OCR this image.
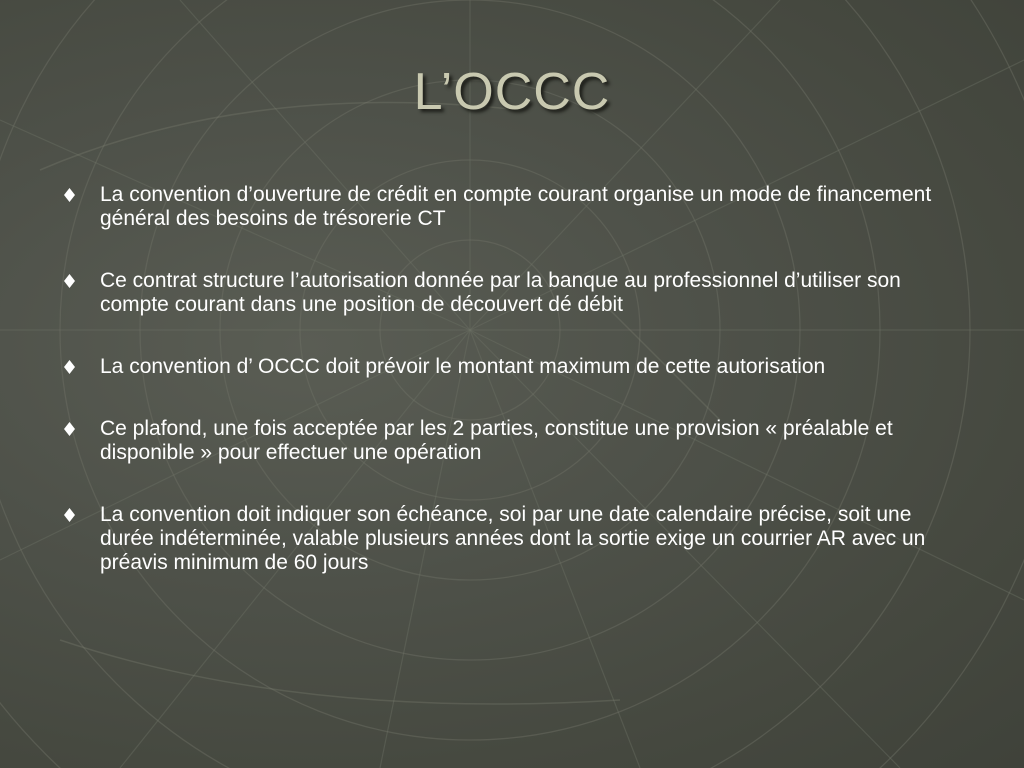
L’OCCC
La convention d’ouverture de crédit en compte courant organise un mode de financement général des besoins de trésorerie CT
Ce contrat structure l’autorisation donnée par la banque au professionnel d’utiliser son compte courant dans une position de découvert dé débit
La convention d’ OCCC doit prévoir le montant maximum de cette autorisation
Ce plafond, une fois acceptée par les 2 parties, constitue une provision « préalable et disponible » pour effectuer une opération
La convention doit indiquer son échéance, soi par une date calendaire précise, soit une durée indéterminée, valable plusieurs années dont la sortie exige un courrier AR avec un préavis minimum de 60 jours
